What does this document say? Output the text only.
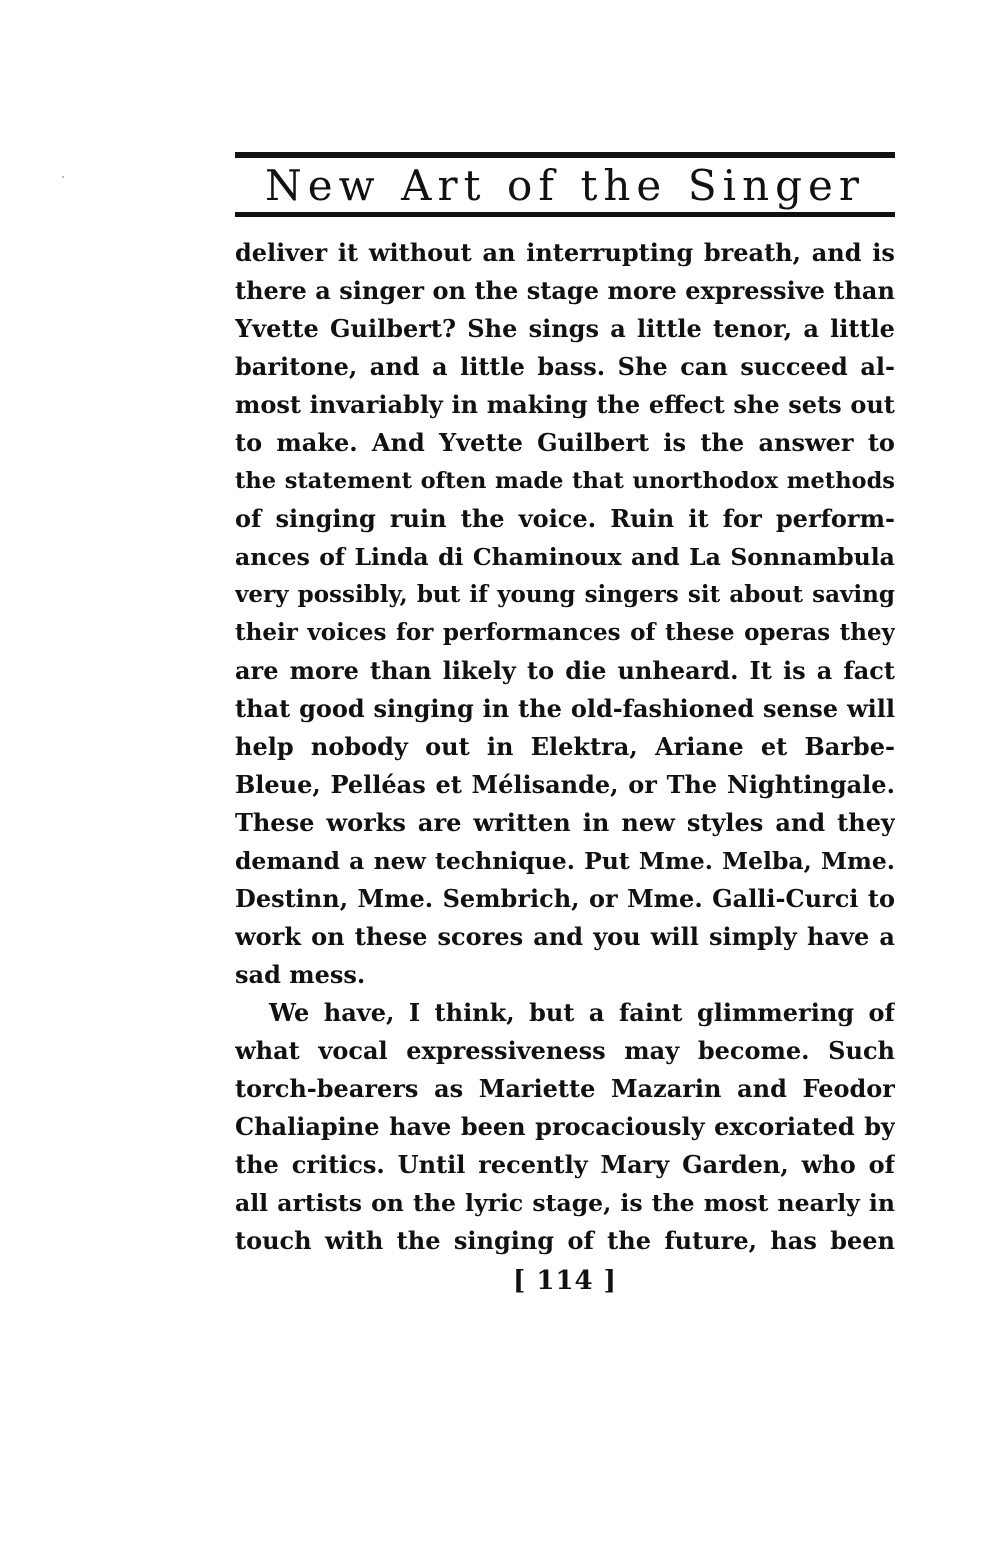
New Art of the Singer
deliver it without an interrupting breath, and is
there a singer on the stage more expressive than
Yvette Guilbert? She sings a little tenor, a little
baritone, and a little bass. She can succeed al-
most invariably in making the effect she sets out
to make. And Yvette Guilbert is the answer to
the statement often made that unorthodox methods
of singing ruin the voice. Ruin it for perform-
ances of Linda di Chaminoux and La Sonnambula
very possibly, but if young singers sit about saving
their voices for performances of these operas they
are more than likely to die unheard. It is a fact
that good singing in the old-fashioned sense will
help nobody out in Elektra, Ariane et Barbe-
Bleue, Pelléas et Mélisande, or The Nightingale.
These works are written in new styles and they
demand a new technique. Put Mme. Melba, Mme.
Destinn, Mme. Sembrich, or Mme. Galli-Curci to
work on these scores and you will simply have a
sad mess.
We have, I think, but a faint glimmering of
what vocal expressiveness may become. Such
torch-bearers as Mariette Mazarin and Feodor
Chaliapine have been procaciously excoriated by
the critics. Until recently Mary Garden, who of
all artists on the lyric stage, is the most nearly in
touch with the singing of the future, has been
[ 114 ]
